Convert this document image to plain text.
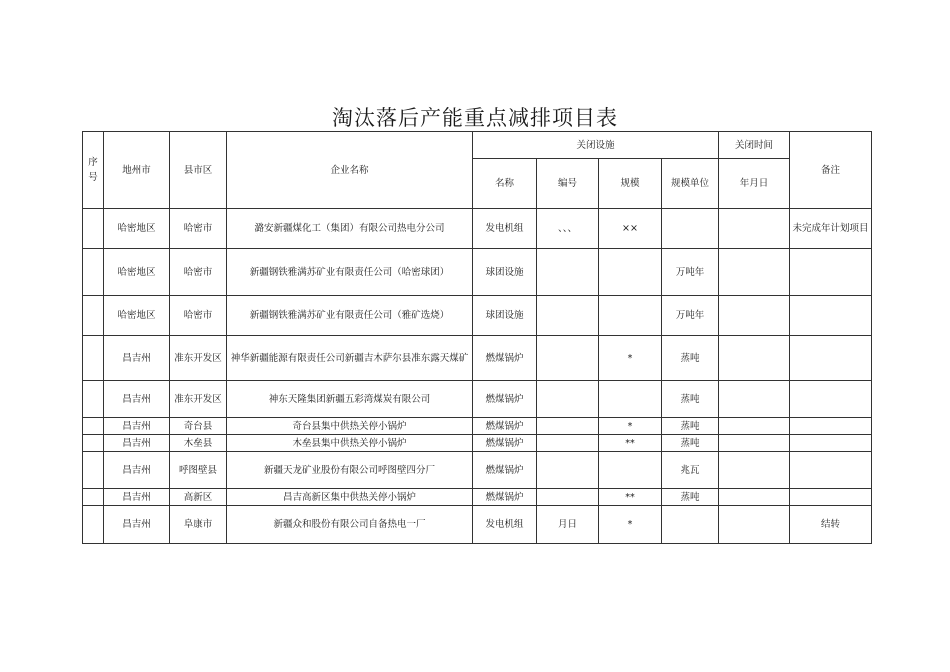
淘汰落后产能重点减排项目表
序号	地州市	县市区	企业名称	关闭设施				关闭时间	备注
				名称	编号	规模	规模单位	年月日	
	哈密地区	哈密市	潞安新疆煤化工（集团）有限公司热电分公司	发电机组	、、、	××			未完成年计划项目
	哈密地区	哈密市	新疆钢铁雅满苏矿业有限责任公司（哈密球团）	球团设施			万吨年		
	哈密地区	哈密市	新疆钢铁雅满苏矿业有限责任公司（雅矿选烧）	球团设施			万吨年		
	昌吉州	准东开发区	神华新疆能源有限责任公司新疆吉木萨尔县准东露天煤矿	燃煤锅炉		*	蒸吨		
	昌吉州	准东开发区	神东天隆集团新疆五彩湾煤炭有限公司	燃煤锅炉			蒸吨		
	昌吉州	奇台县	奇台县集中供热关停小锅炉	燃煤锅炉		*	蒸吨		
	昌吉州	木垒县	木垒县集中供热关停小锅炉	燃煤锅炉		**	蒸吨		
	昌吉州	呼图壁县	新疆天龙矿业股份有限公司呼图壁四分厂	燃煤锅炉			兆瓦		
	昌吉州	高新区	昌吉高新区集中供热关停小锅炉	燃煤锅炉		**	蒸吨		
	昌吉州	阜康市	新疆众和股份有限公司自备热电一厂	发电机组	月日	*			结转
